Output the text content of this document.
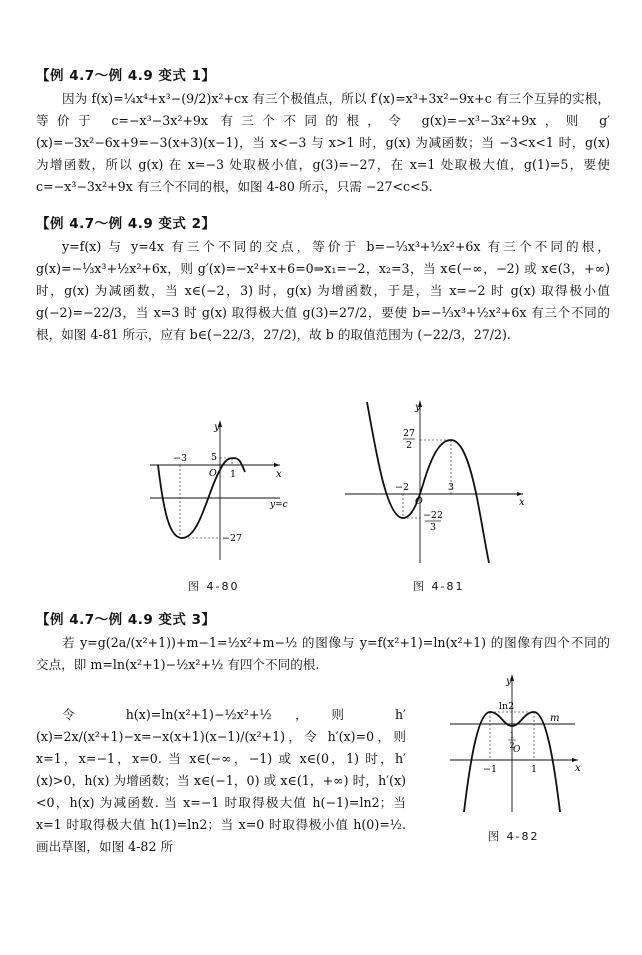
【例 4.7～例 4.9 变式 1】
因为 f(x)=¼x⁴+x³−(9/2)x²+cx 有三个极值点，所以 f′(x)=x³+3x²−9x+c 有三个互异的实根，等价于 c=−x³−3x²+9x 有三个不同的根，令 g(x)=−x³−3x²+9x，则 g′(x)=−3x²−6x+9=−3(x+3)(x−1)，当 x<−3 与 x>1 时，g(x) 为减函数；当 −3<x<1 时，g(x) 为增函数，所以 g(x) 在 x=−3 处取极小值，g(3)=−27，在 x=1 处取极大值，g(1)=5，要使 c=−x³−3x²+9x 有三个不同的根，如图 4-80 所示，只需 −27<c<5.
【例 4.7～例 4.9 变式 2】
y=f(x) 与 y=4x 有三个不同的交点，等价于 b=−⅓x³+½x²+6x 有三个不同的根，g(x)=−⅓x³+½x²+6x，则 g′(x)=−x²+x+6=0⇒x₁=−2，x₂=3，当 x∈(−∞，−2) 或 x∈(3，+∞) 时，g(x) 为减函数，当 x∈(−2，3) 时，g(x) 为增函数，于是，当 x=−2 时 g(x) 取得极小值 g(−2)=−22/3，当 x=3 时 g(x) 取得极大值 g(3)=27/2，要使 b=−⅓x³+½x²+6x 有三个不同的根，如图 4-81 所示，应有 b∈(−22/3，27/2)，故 b 的取值范围为 (−22/3，27/2).
y
x
O
−3
1
5
−27
y=c
图 4-80
y
x
O
−2	3
27
2
−22
3
图 4-81
【例 4.7～例 4.9 变式 3】
若 y=g(2a/(x²+1))+m−1=½x²+m−½ 的图像与 y=f(x²+1)=ln(x²+1) 的图像有四个不同的交点，即 m=ln(x²+1)−½x²+½ 有四个不同的根.
令 h(x)=ln(x²+1)−½x²+½，则 h′(x)=2x/(x²+1)−x=−x(x+1)(x−1)/(x²+1)，令 h′(x)=0，则 x=1，x=−1，x=0. 当 x∈(−∞，−1) 或 x∈(0，1) 时，h′(x)>0，h(x) 为增函数；当 x∈(−1，0) 或 x∈(1，+∞) 时，h′(x)<0，h(x) 为减函数. 当 x=−1 时取得极大值 h(−1)=ln2；当 x=1 时取得极大值 h(1)=ln2；当 x=0 时取得极小值 h(0)=½. 画出草图，如图 4-82 所
y
x
O
−1	1
ln2
1
2
m
图 4-82
